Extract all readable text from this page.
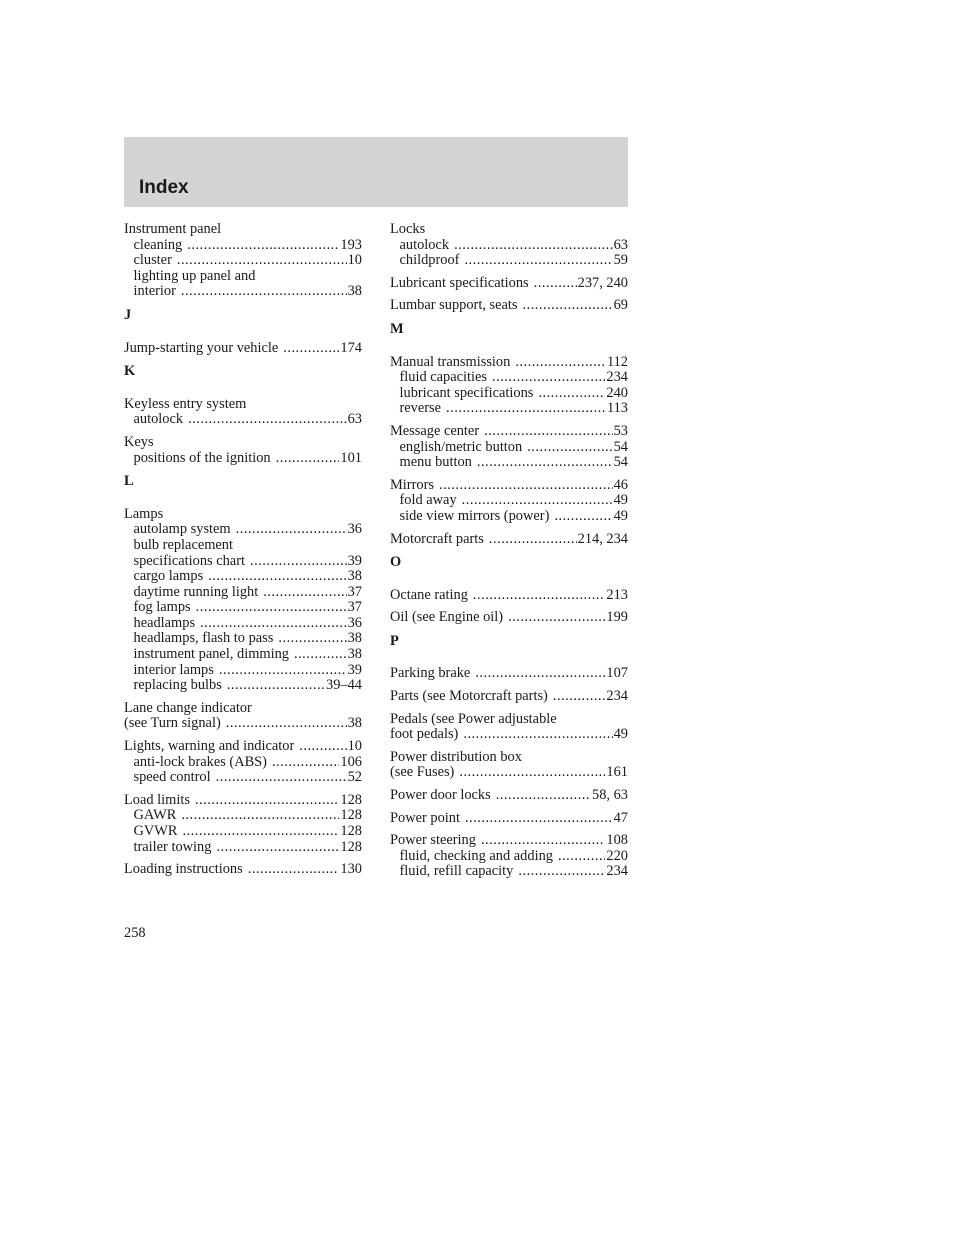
Index
Instrument panel
cleaning .....	193
cluster .....	10
lighting up panel and
interior .....	38
J
Jump-starting your vehicle .....	174
K
Keyless entry system
autolock .....	63
Keys
positions of the ignition .....	101
L
Lamps
autolamp system .....	36
bulb replacement
specifications chart .....	39
cargo lamps .....	38
daytime running light .....	37
fog lamps .....	37
headlamps .....	36
headlamps, flash to pass .....	38
instrument panel, dimming .....	38
interior lamps .....	39
replacing bulbs .....	39–44
Lane change indicator
(see Turn signal) .....	38
Lights, warning and indicator .....	10
anti-lock brakes (ABS) .....	106
speed control .....	52
Load limits .....	128
GAWR .....	128
GVWR .....	128
trailer towing .....	128
Loading instructions .....	130
Locks
autolock .....	63
childproof .....	59
Lubricant specifications .....	237, 240
Lumbar support, seats .....	69
M
Manual transmission .....	112
fluid capacities .....	234
lubricant specifications .....	240
reverse .....	113
Message center .....	53
english/metric button .....	54
menu button .....	54
Mirrors .....	46
fold away .....	49
side view mirrors (power) .....	49
Motorcraft parts .....	214, 234
O
Octane rating .....	213
Oil (see Engine oil) .....	199
P
Parking brake .....	107
Parts (see Motorcraft parts) .....	234
Pedals (see Power adjustable
foot pedals) .....	49
Power distribution box
(see Fuses) .....	161
Power door locks .....	58, 63
Power point .....	47
Power steering .....	108
fluid, checking and adding .....	220
fluid, refill capacity .....	234
258
